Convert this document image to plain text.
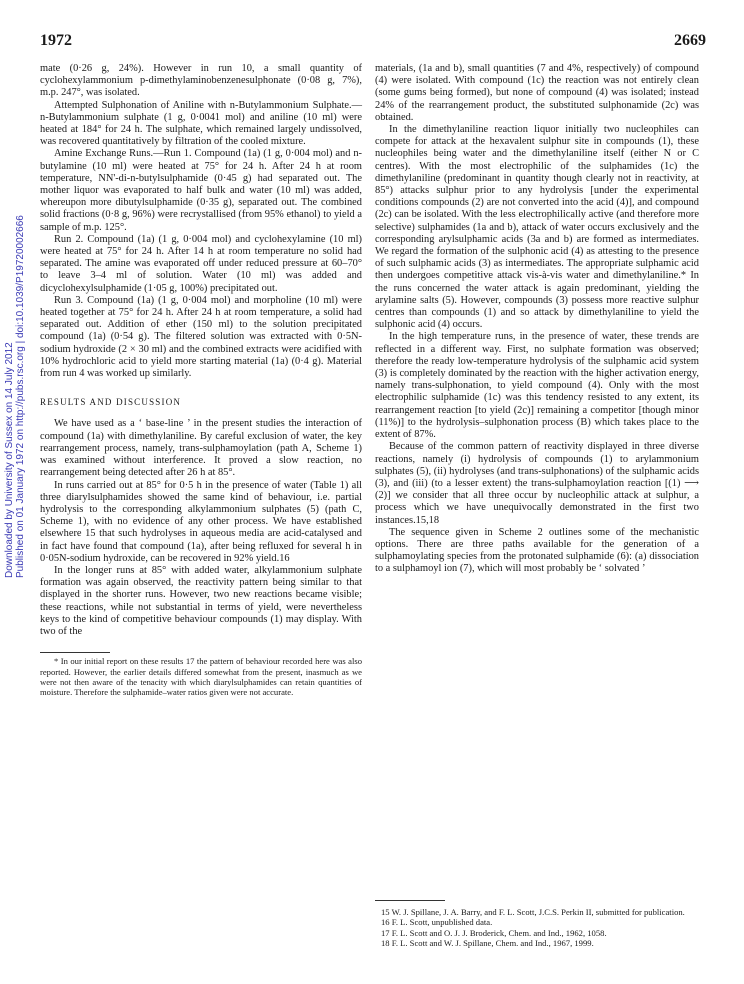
1972	2669
Downloaded by University of Sussex on 14 July 2012 Published on 01 January 1972 on http://pubs.rsc.org | doi:10.1039/P19720002666

mate (0·26 g, 24%). However in run 10, a small quantity of cyclohexylammonium p-dimethylaminobenzenesulphonate (0·08 g, 7%), m.p. 247°, was isolated.

Attempted Sulphonation of Aniline with n-Butylammonium Sulphate.—n-Butylammonium sulphate (1 g, 0·0041 mol) and aniline (10 ml) were heated at 184° for 24 h. The sulphate, which remained largely undissolved, was recovered quantitatively by filtration of the cooled mixture.

Amine Exchange Runs.—Run 1. Compound (1a) (1 g, 0·004 mol) and n-butylamine (10 ml) were heated at 75° for 24 h. After 24 h at room temperature, NN'-di-n-butylsulphamide (0·45 g) had separated out. The mother liquor was evaporated to half bulk and water (10 ml) was added, whereupon more dibutylsulphamide (0·35 g), separated out. The combined solid fractions (0·8 g, 96%) were recrystallised (from 95% ethanol) to yield a sample of m.p. 125°.

Run 2. Compound (1a) (1 g, 0·004 mol) and cyclohexylamine (10 ml) were heated at 75° for 24 h. After 14 h at room temperature no solid had separated. The amine was evaporated off under reduced pressure at 60–70° to leave 3–4 ml of solution. Water (10 ml) was added and dicyclohexylsulphamide (1·05 g, 100%) precipitated out.

Run 3. Compound (1a) (1 g, 0·004 mol) and morpholine (10 ml) were heated together at 75° for 24 h. After 24 h at room temperature, a solid had separated out. Addition of ether (150 ml) to the solution precipitated compound (1a) (0·54 g). The filtered solution was extracted with 0·5N-sodium hydroxide (2 × 30 ml) and the combined extracts were acidified with 10% hydrochloric acid to yield more starting material (1a) (0·4 g). Material from run 4 was worked up similarly.

RESULTS AND DISCUSSION

We have used as a ‘ base-line ’ in the present studies the interaction of compound (1a) with dimethylaniline. By careful exclusion of water, the key rearrangement process, namely, trans-sulphamoylation (path A, Scheme 1) was examined without interference. It proved a slow reaction, no rearrangement being detected after 26 h at 85°.

In runs carried out at 85° for 0·5 h in the presence of water (Table 1) all three diarylsulphamides showed the same kind of behaviour, i.e. partial hydrolysis to the corresponding alkylammonium sulphates (5) (path C, Scheme 1), with no evidence of any other process. We have established elsewhere 15 that such hydrolyses in aqueous media are acid-catalysed and in fact have found that compound (1a), after being refluxed for several h in 0·05N-sodium hydroxide, can be recovered in 92% yield.16

In the longer runs at 85° with added water, alkylammonium sulphate formation was again observed, the reactivity pattern being similar to that displayed in the shorter runs. However, two new reactions became visible; these reactions, while not substantial in terms of yield, were nevertheless keys to the kind of competitive behaviour compounds (1) may display. With two of the

* In our initial report on these results 17 the pattern of behaviour recorded here was also reported. However, the earlier details differed somewhat from the present, inasmuch as we were not then aware of the tenacity with which diarylsulphamides can retain quantities of moisture. Therefore the sulphamide–water ratios given were not accurate.

materials, (1a and b), small quantities (7 and 4%, respectively) of compound (4) were isolated. With compound (1c) the reaction was not entirely clean (some gums being formed), but none of compound (4) was isolated; instead 24% of the rearrangement product, the substituted sulphonamide (2c) was obtained.

In the dimethylaniline reaction liquor initially two nucleophiles can compete for attack at the hexavalent sulphur site in compounds (1), these nucleophiles being water and the dimethylaniline itself (either N or C centres). With the most electrophilic of the sulphamides (1c) the dimethylaniline (predominant in quantity though clearly not in reactivity, at 85°) attacks sulphur prior to any hydrolysis [under the experimental conditions compounds (2) are not converted into the acid (4)], and compound (2c) can be isolated. With the less electrophilically active (and therefore more selective) sulphamides (1a and b), attack of water occurs exclusively and the corresponding arylsulphamic acids (3a and b) are formed as intermediates. We regard the formation of the sulphonic acid (4) as attesting to the presence of such sulphamic acids (3) as intermediates. The appropriate sulphamic acid then undergoes competitive attack vis-à-vis water and dimethylaniline.* In the runs concerned the water attack is again predominant, yielding the arylamine salts (5). However, compounds (3) possess more reactive sulphur centres than compounds (1) and so attack by dimethylaniline to yield the sulphonic acid (4) occurs.

In the high temperature runs, in the presence of water, these trends are reflected in a different way. First, no sulphate formation was observed; therefore the ready low-temperature hydrolysis of the sulphamic acid system (3) is completely dominated by the reaction with the higher activation energy, namely trans-sulphonation, to yield compound (4). Only with the most electrophilic sulphamide (1c) was this tendency resisted to any extent, its rearrangement reaction [to yield (2c)] remaining a competitor [though minor (11%)] to the hydrolysis–sulphonation process (B) which takes place to the extent of 87%.

Because of the common pattern of reactivity displayed in three diverse reactions, namely (i) hydrolysis of compounds (1) to arylammonium sulphates (5), (ii) hydrolyses (and trans-sulphonations) of the sulphamic acids (3), and (iii) (to a lesser extent) the trans-sulphamoylation reaction [(1) ⟶ (2)] we consider that all three occur by nucleophilic attack at sulphur, a process which we have unequivocally demonstrated in the first two instances.15,18

The sequence given in Scheme 2 outlines some of the mechanistic options. There are three paths available for the generation of a sulphamoylating species from the protonated sulphamide (6): (a) dissociation to a sulphamoyl ion (7), which will most probably be ‘ solvated ’

15 W. J. Spillane, J. A. Barry, and F. L. Scott, J.C.S. Perkin II, submitted for publication.
16 F. L. Scott, unpublished data.
17 F. L. Scott and O. J. J. Broderick, Chem. and Ind., 1962, 1058.
18 F. L. Scott and W. J. Spillane, Chem. and Ind., 1967, 1999.
